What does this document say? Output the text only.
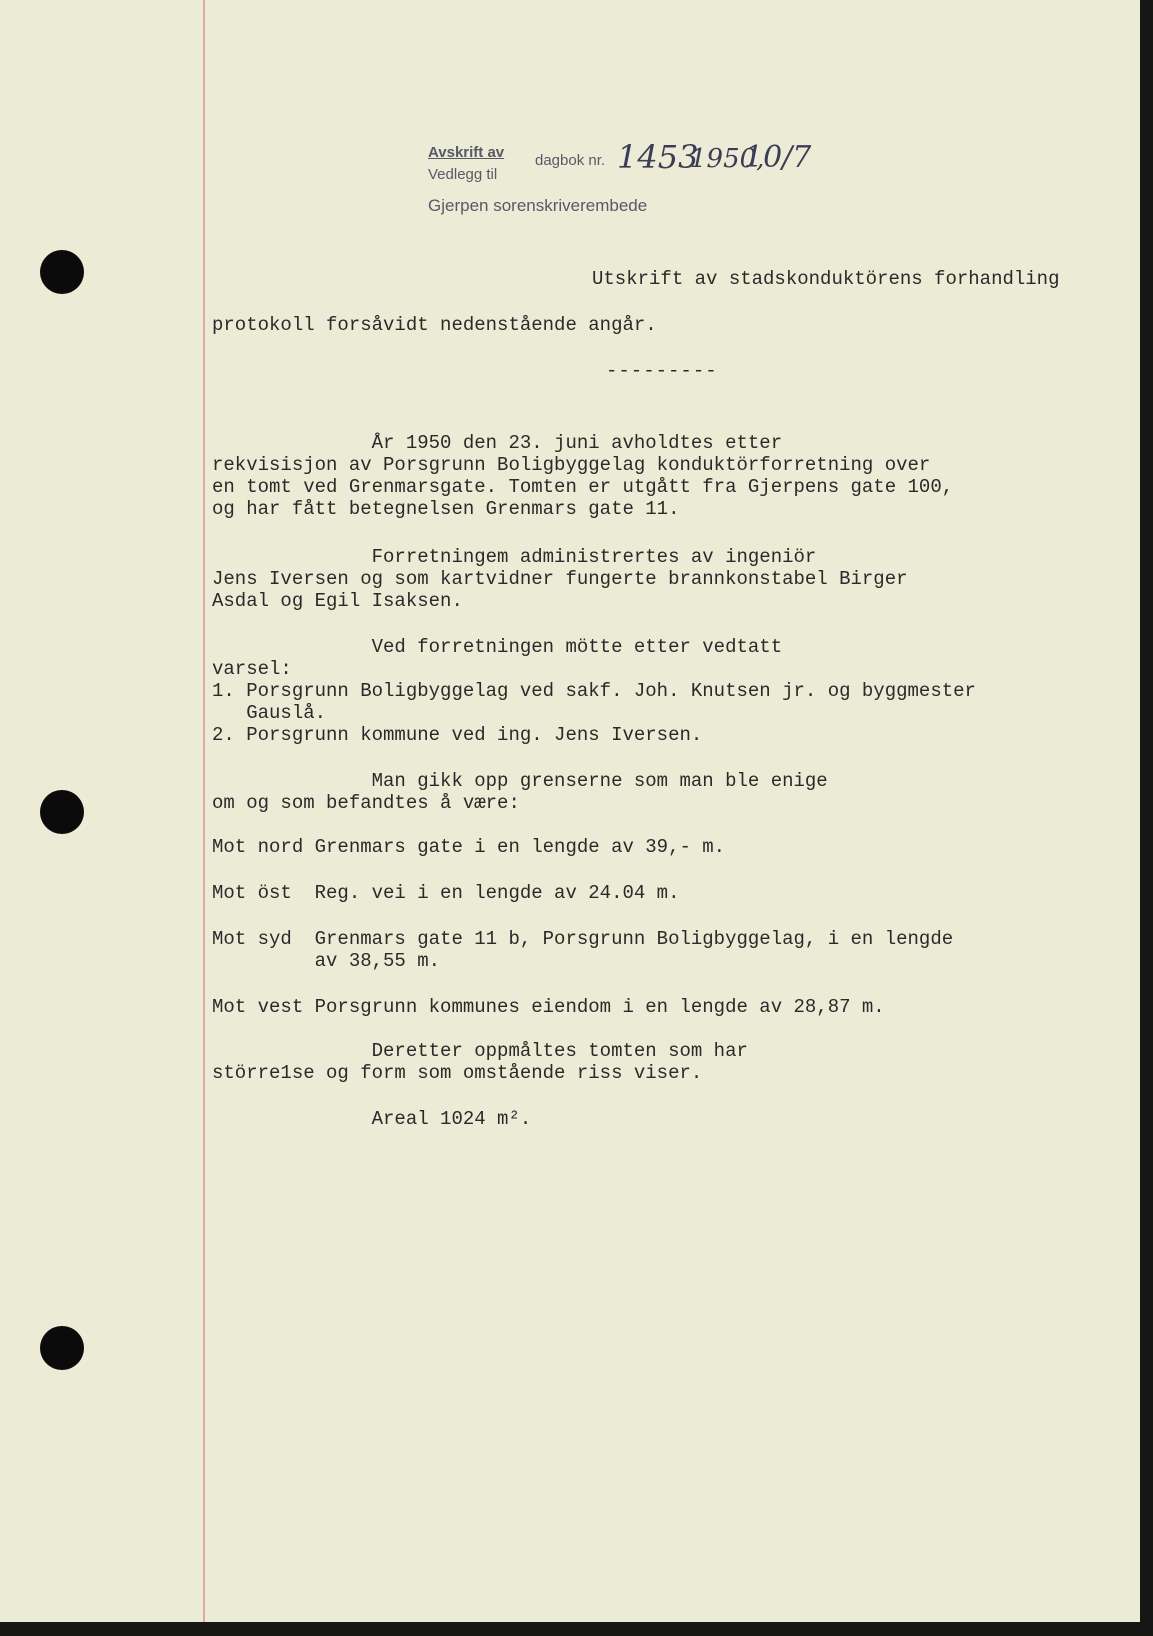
Avskrift av
Vedlegg til
dagbok nr.
Gjerpen sorenskriverembede
1453
1950,
10/7
Utskrift av stadskonduktörens forhandling
protokoll forsåvidt nedenstående angår.
---------
År 1950 den 23. juni avholdtes etter
rekvisisjon av Porsgrunn Boligbyggelag konduktörforretning over
en tomt ved Grenmarsgate. Tomten er utgått fra Gjerpens gate 100,
og har fått betegnelsen Grenmars gate 11.
Forretningem administrertes av ingeniör
Jens Iversen og som kartvidner fungerte brannkonstabel Birger
Asdal og Egil Isaksen.
Ved forretningen mötte etter vedtatt
varsel:
1. Porsgrunn Boligbyggelag ved sakf. Joh. Knutsen jr. og byggmester
Gauslå.
2. Porsgrunn kommune ved ing. Jens Iversen.
Man gikk opp grenserne som man ble enige
om og som befandtes å være:
Mot nord Grenmars gate i en lengde av 39,- m.
Mot öst  Reg. vei i en lengde av 24.04 m.
Mot syd  Grenmars gate 11 b, Porsgrunn Boligbyggelag, i en lengde
av 38,55 m.
Mot vest Porsgrunn kommunes eiendom i en lengde av 28,87 m.
Deretter oppmåltes tomten som har
större1se og form som omstående riss viser.
Areal 1024 m².
